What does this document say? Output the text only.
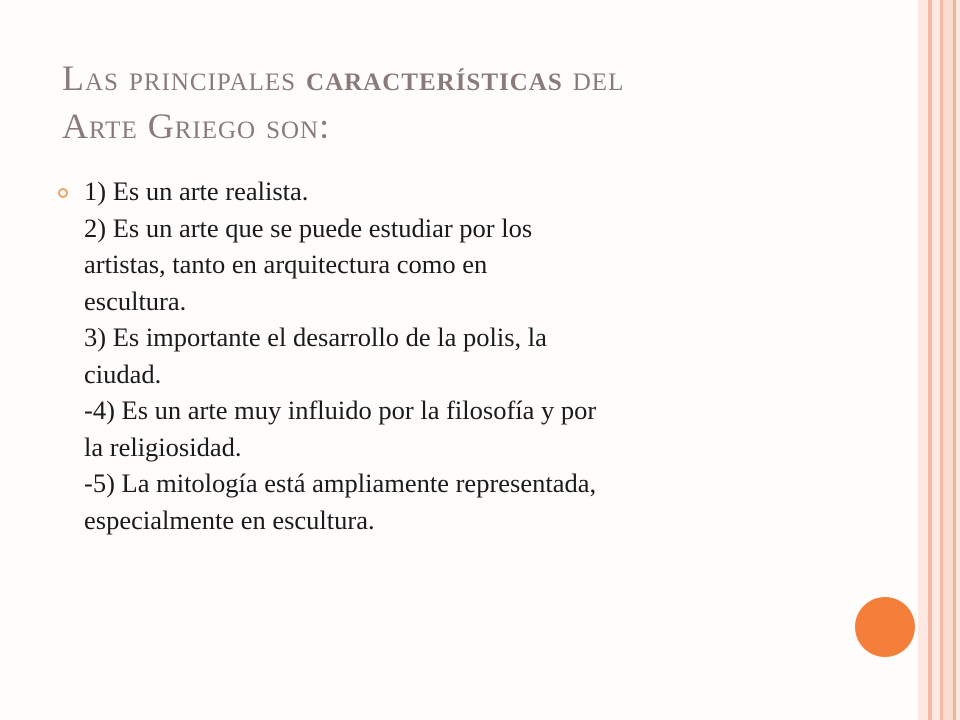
Las principales características del
Arte Griego son:
1) Es un arte realista.
2) Es un arte que se puede estudiar por los
artistas, tanto en arquitectura como en
escultura.
3) Es importante el desarrollo de la polis, la
ciudad.
-4) Es un arte muy influido por la filosofía y por
la religiosidad.
-5) La mitología está ampliamente representada,
especialmente en escultura.
